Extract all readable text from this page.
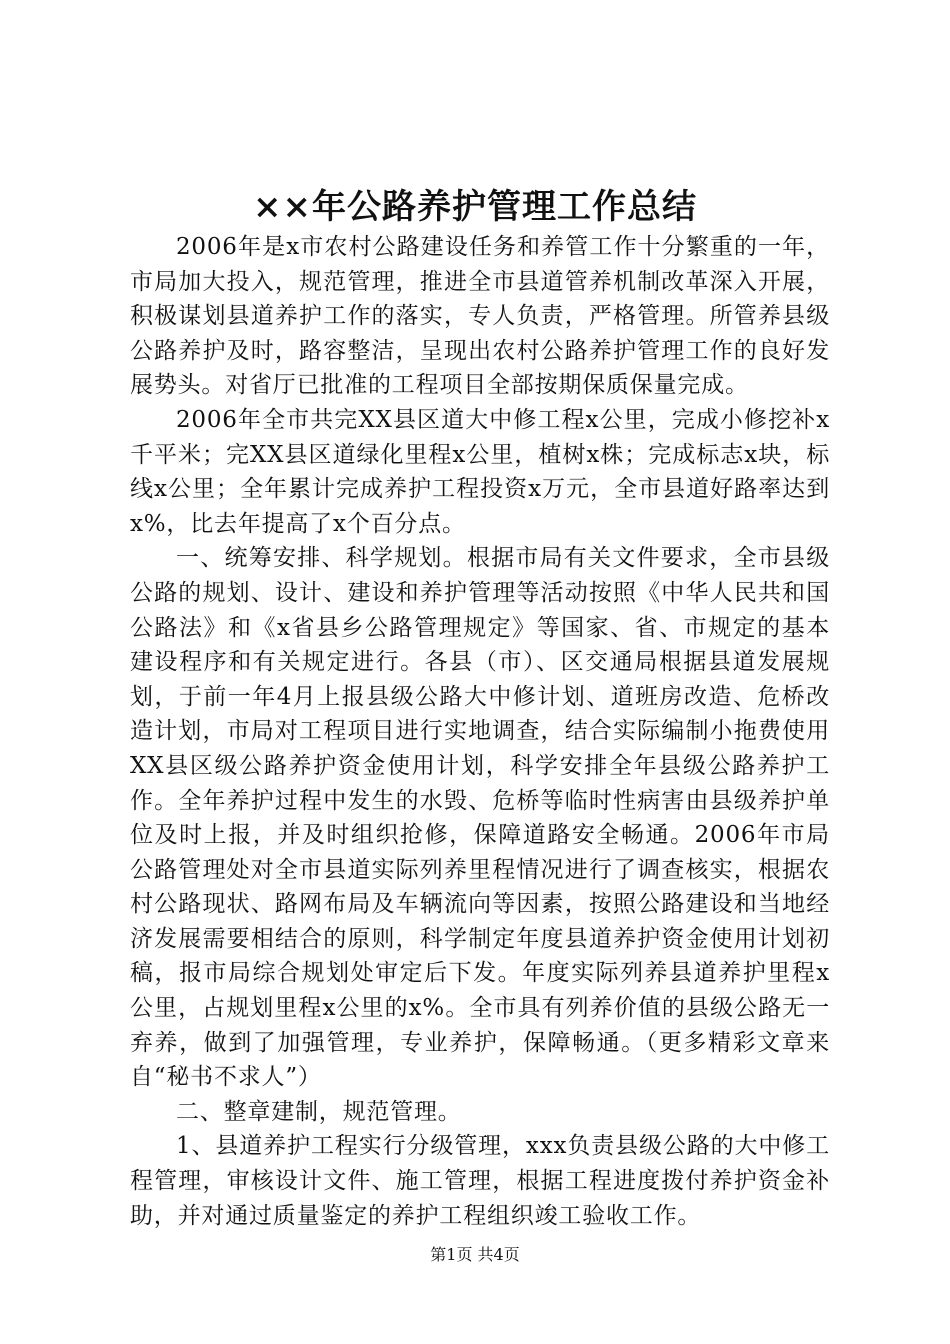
××年公路养护管理工作总结

2006年是x市农村公路建设任务和养管工作十分繁重的一年，市局加大投入，规范管理，推进全市县道管养机制改革深入开展，积极谋划县道养护工作的落实，专人负责，严格管理。所管养县级公路养护及时，路容整洁，呈现出农村公路养护管理工作的良好发展势头。对省厅已批准的工程项目全部按期保质保量完成。

2006年全市共完XX县区道大中修工程x公里，完成小修挖补x千平米；完XX县区道绿化里程x公里，植树x株；完成标志x块，标线x公里；全年累计完成养护工程投资x万元，全市县道好路率达到x%，比去年提高了x个百分点。

一、统筹安排、科学规划。根据市局有关文件要求，全市县级公路的规划、设计、建设和养护管理等活动按照《中华人民共和国公路法》和《x省县乡公路管理规定》等国家、省、市规定的基本建设程序和有关规定进行。各县（市）、区交通局根据县道发展规划，于前一年4月上报县级公路大中修计划、道班房改造、危桥改造计划，市局对工程项目进行实地调查，结合实际编制小拖费使用XX县区级公路养护资金使用计划，科学安排全年县级公路养护工作。全年养护过程中发生的水毁、危桥等临时性病害由县级养护单位及时上报，并及时组织抢修，保障道路安全畅通。2006年市局公路管理处对全市县道实际列养里程情况进行了调查核实，根据农村公路现状、路网布局及车辆流向等因素，按照公路建设和当地经济发展需要相结合的原则，科学制定年度县道养护资金使用计划初稿，报市局综合规划处审定后下发。年度实际列养县道养护里程x公里，占规划里程x公里的x%。全市具有列养价值的县级公路无一弃养，做到了加强管理，专业养护，保障畅通。（更多精彩文章来自“秘书不求人”）

二、整章建制，规范管理。

1、县道养护工程实行分级管理，xxx负责县级公路的大中修工程管理，审核设计文件、施工管理，根据工程进度拨付养护资金补助，并对通过质量鉴定的养护工程组织竣工验收工作。

第1页 共4页
